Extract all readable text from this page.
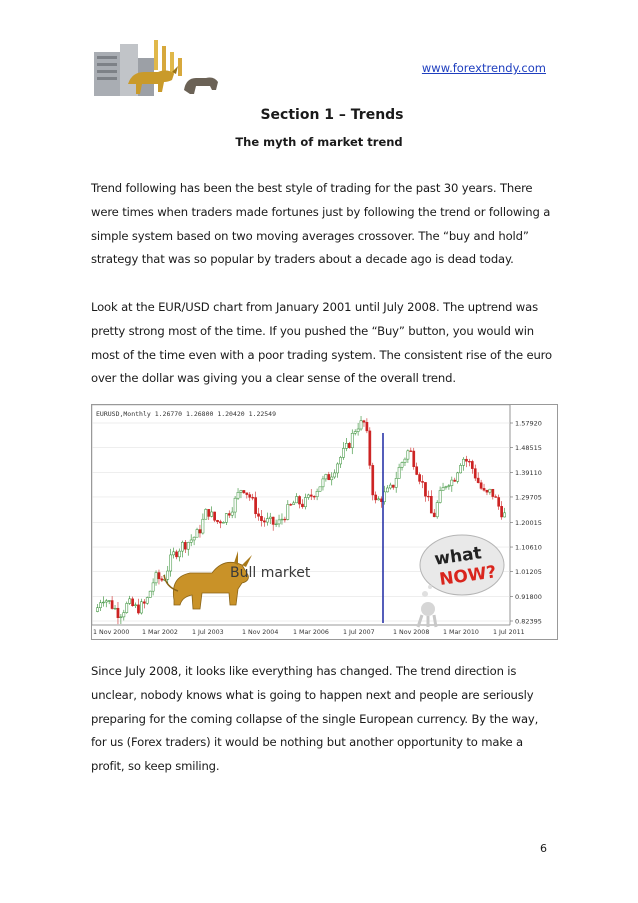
www.forextrendy.com
Section 1 – Trends
The myth of market trend

Trend following has been the best style of trading for the past 30 years. There were times when traders made fortunes just by following the trend or following a simple system based on two moving averages crossover. The “buy and hold” strategy that was so popular by traders about a decade ago is dead today.

Look at the EUR/USD chart from January 2001 until July 2008. The uptrend was pretty strong most of the time. If you pushed the “Buy” button, you would win most of the time even with a poor trading system. The consistent rise of the euro over the dollar was giving you a clear sense of the overall trend.

EURUSD,Monthly 1.26770 1.26800 1.20420 1.22549
1.57920
1.48515
1.39110
1.29705
1.20015
1.10610
1.01205
0.91800
0.82395
1 Nov 2000 1 Mar 2002 1 Jul 2003	1 Nov 2004 1 Mar 2006 1 Jul 2007	1 Nov 2008 1 Mar 2010 1 Jul 2011
Bull market
what
NOW?

Since July 2008, it looks like everything has changed. The trend direction is unclear, nobody knows what is going to happen next and people are seriously preparing for the coming collapse of the single European currency. By the way, for us (Forex traders) it would be nothing but another opportunity to make a profit, so keep smiling.

6
